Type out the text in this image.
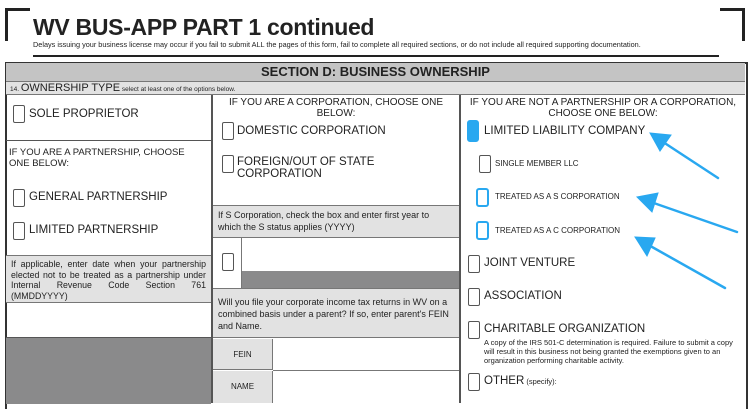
WV BUS-APP PART 1 continued
Delays issuing your business license may occur if you fail to submit ALL the pages of this form, fail to complete all required sections, or do not include all required supporting documentation.
SECTION D: BUSINESS OWNERSHIP
14. OWNERSHIP TYPE select at least one of the options below.
SOLE PROPRIETOR
IF YOU ARE A PARTNERSHIP, CHOOSE ONE BELOW:
GENERAL PARTNERSHIP
LIMITED PARTNERSHIP
If applicable, enter date when your partnership elected not to be treated as a partnership under Internal Revenue Code Section 761 (MMDDYYYY)
IF YOU ARE A CORPORATION, CHOOSE ONE BELOW:
DOMESTIC CORPORATION
FOREIGN/OUT OF STATE CORPORATION
If S Corporation, check the box and enter first year to which the S status applies (YYYY)
Will you file your corporate income tax returns in WV on a combined basis under a parent? If so, enter parent's FEIN and Name.
FEIN
NAME
IF YOU ARE NOT A PARTNERSHIP OR A CORPORATION, CHOOSE ONE BELOW:
LIMITED LIABILITY COMPANY
SINGLE MEMBER LLC
TREATED AS A S CORPORATION
TREATED AS A C CORPORATION
JOINT VENTURE
ASSOCIATION
CHARITABLE ORGANIZATION
A copy of the IRS 501-C determination is required. Failure to submit a copy will result in this business not being granted the exemptions given to an organization performing charitable activity.
OTHER (specify):
